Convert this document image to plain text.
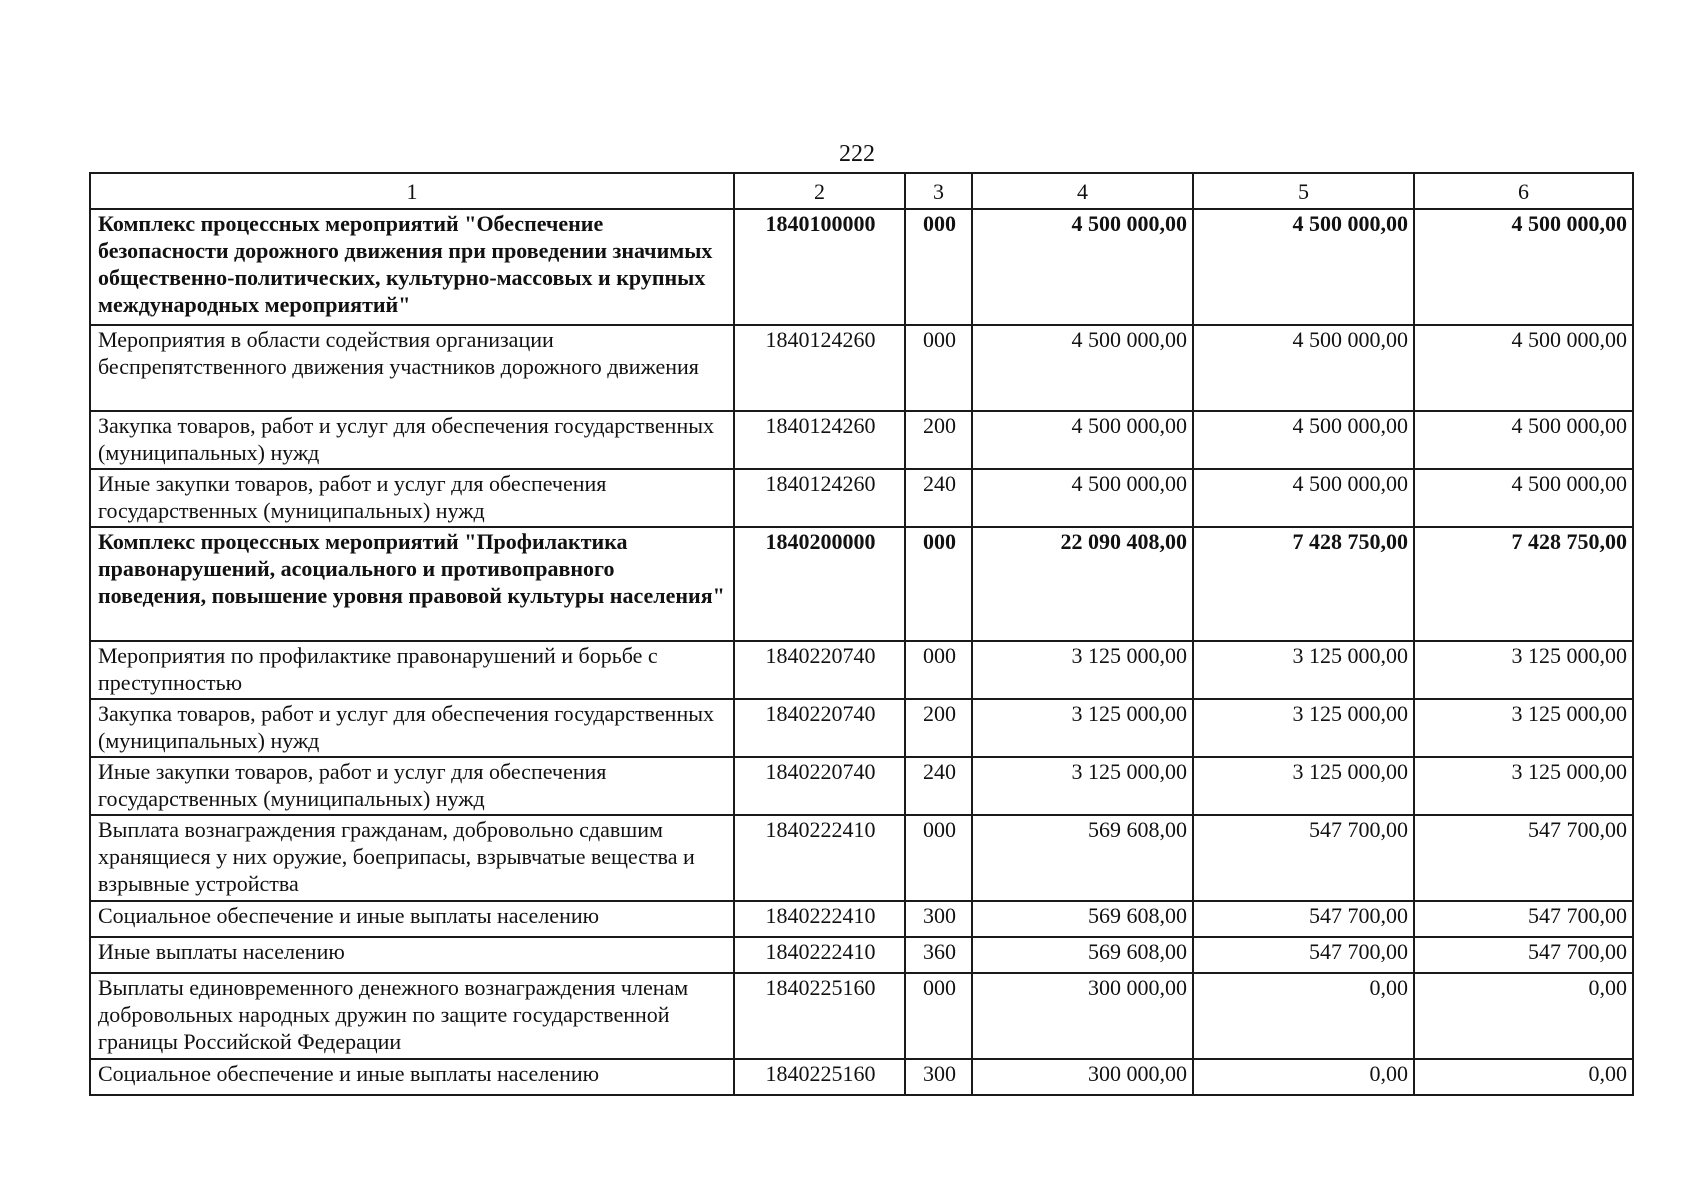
222
1	2	3	4	5	6
Комплекс процессных мероприятий "Обеспечение безопасности дорожного движения при проведении значимых общественно-политических, культурно-массовых и крупных международных мероприятий"	1840100000	000	4 500 000,00	4 500 000,00	4 500 000,00
Мероприятия в области содействия организации беспрепятственного движения участников дорожного движения	1840124260	000	4 500 000,00	4 500 000,00	4 500 000,00
Закупка товаров, работ и услуг для обеспечения государственных (муниципальных) нужд	1840124260	200	4 500 000,00	4 500 000,00	4 500 000,00
Иные закупки товаров, работ и услуг для обеспечения государственных (муниципальных) нужд	1840124260	240	4 500 000,00	4 500 000,00	4 500 000,00
Комплекс процессных мероприятий "Профилактика правонарушений, асоциального и противоправного поведения, повышение уровня правовой культуры населения"	1840200000	000	22 090 408,00	7 428 750,00	7 428 750,00
Мероприятия по профилактике правонарушений и борьбе с преступностью	1840220740	000	3 125 000,00	3 125 000,00	3 125 000,00
Закупка товаров, работ и услуг для обеспечения государственных (муниципальных) нужд	1840220740	200	3 125 000,00	3 125 000,00	3 125 000,00
Иные закупки товаров, работ и услуг для обеспечения государственных (муниципальных) нужд	1840220740	240	3 125 000,00	3 125 000,00	3 125 000,00
Выплата вознаграждения гражданам, добровольно сдавшим хранящиеся у них оружие, боеприпасы, взрывчатые вещества и взрывные устройства	1840222410	000	569 608,00	547 700,00	547 700,00
Социальное обеспечение и иные выплаты населению	1840222410	300	569 608,00	547 700,00	547 700,00
Иные выплаты населению	1840222410	360	569 608,00	547 700,00	547 700,00
Выплаты единовременного денежного вознаграждения членам добровольных народных дружин по защите государственной границы Российской Федерации	1840225160	000	300 000,00	0,00	0,00
Социальное обеспечение и иные выплаты населению	1840225160	300	300 000,00	0,00	0,00
